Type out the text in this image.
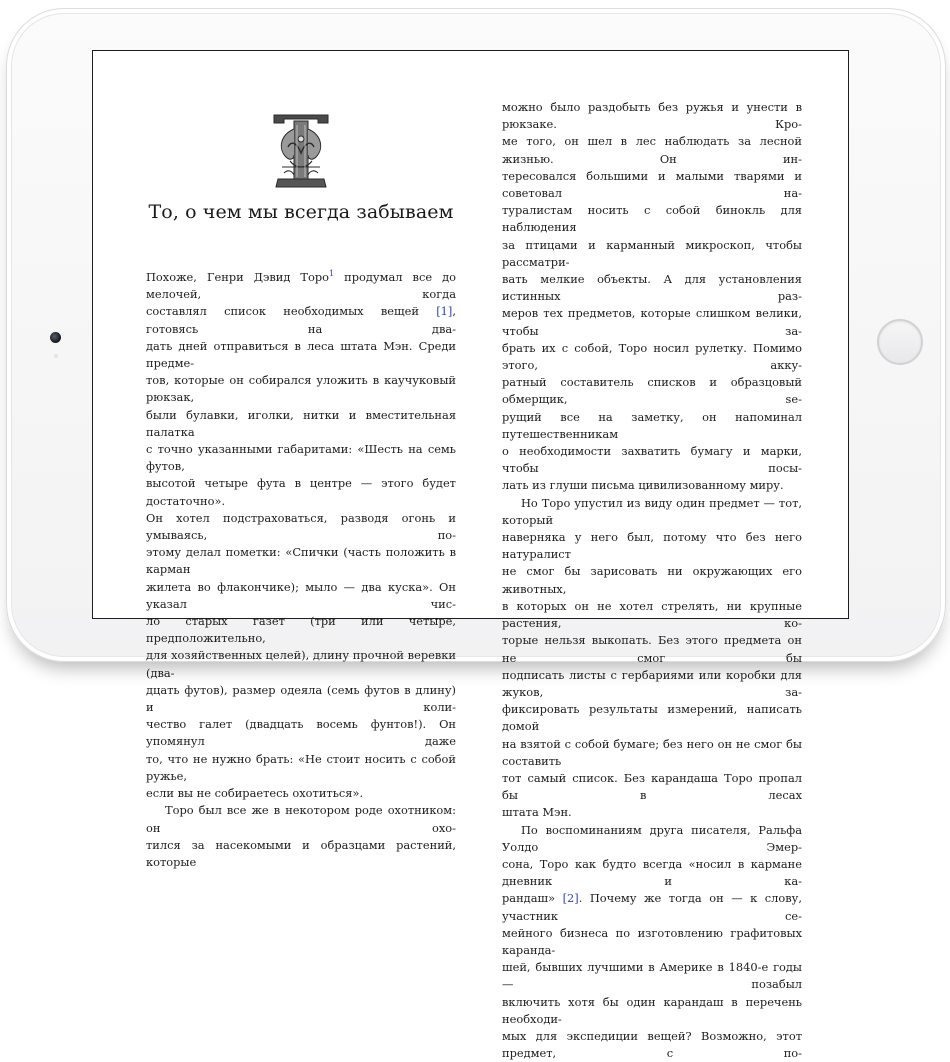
Т
То, о чем мы всегда забываем

Похоже, Генри Дэвид Торо$^1$ продумал все до мелочей, когда

составлял список необходимых вещей [1], готовясь на два-

дать дней отправиться в леса штата Мэн. Среди предме-

тов, которые он собирался уложить в каучуковый рюкзак,

были булавки, иголки, нитки и вместительная палатка

с точно указанными габаритами: «Шесть на семь футов,

высотой четыре фута в центре — этого будет достаточно».

Он хотел подстраховаться, разводя огонь и умываясь, по-

этому делал пометки: «Спички (часть положить в карман

жилета во флакончике); мыло — два куска». Он указал чис-

ло старых газет (три или четыре, предположительно,

для хозяйственных целей), длину прочной веревки (два-

дцать футов), размер одеяла (семь футов в длину) и коли-

чество галет (двадцать восемь фунтов!). Он упомянул даже

то, что не нужно брать: «Не стоит носить с собой ружье,

если вы не собираетесь охотиться».

Торо был все же в некотором роде охотником: он охо-

тился за насекомыми и образцами растений, которые

можно было раздобыть без ружья и унести в рюкзаке. Кро-

ме того, он шел в лес наблюдать за лесной жизнью. Он ин-

тересовался большими и малыми тварями и советовал на-

туралистам носить с собой бинокль для наблюдения

за птицами и карманный микроскоп, чтобы рассматри-

вать мелкие объекты. А для установления истинных раз-

меров тех предметов, которые слишком велики, чтобы за-

брать их с собой, Торо носил рулетку. Помимо этого, акку-

ратный составитель списков и образцовый обмерщик, se-

рущий все на заметку, он напоминал путешественникам

о необходимости захватить бумагу и марки, чтобы посы-

лать из глуши письма цивилизованному миру.

Но Торо упустил из виду один предмет — тот, который

наверняка у него был, потому что без него натуралист

не смог бы зарисовать ни окружающих его животных,

в которых он не хотел стрелять, ни крупные растения, ко-

торые нельзя выкопать. Без этого предмета он не смог бы

подписать листы с гербариями или коробки для жуков, за-

фиксировать результаты измерений, написать домой

на взятой с собой бумаге; без него он не смог бы составить

тот самый список. Без карандаша Торо пропал бы в лесах

штата Мэн.

По воспоминаниям друга писателя, Ральфа Уолдо Эмер-

сона, Торо как будто всегда «носил в кармане дневник и ка-

рандаш» [2]. Почему же тогда он — к слову, участник се-

мейного бизнеса по изготовлению графитовых каранда-

шей, бывших лучшими в Америке в 1840-е годы — позабыл

включить хотя бы один карандаш в перечень необходи-

мых для экспедиции вещей? Возможно, этот предмет, с по-
